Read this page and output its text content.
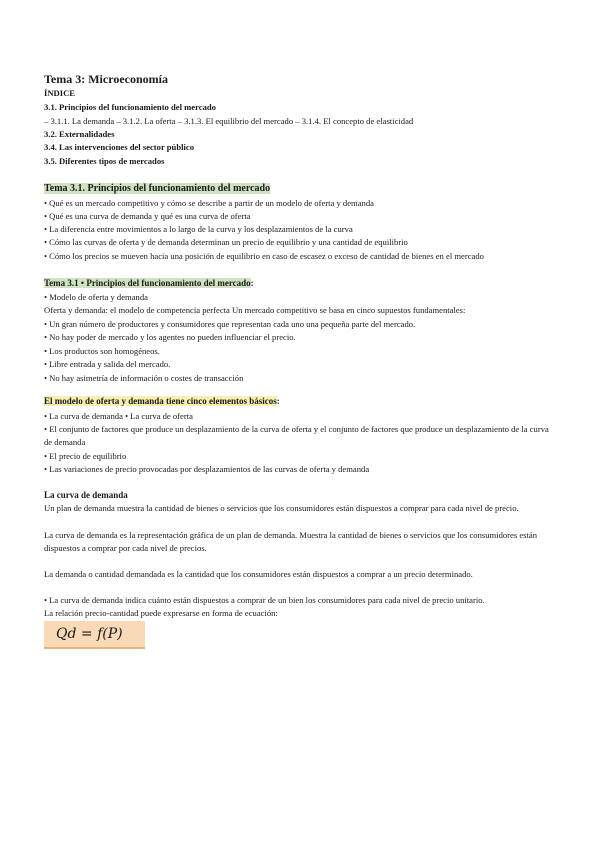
Tema 3: Microeconomía
ÍNDICE
3.1. Principios del funcionamiento del mercado
– 3.1.1. La demanda – 3.1.2. La oferta – 3.1.3. El equilibrio del mercado – 3.1.4. El concepto de elasticidad
3.2. Externalidades
3.4. Las intervenciones del sector público
3.5. Diferentes tipos de mercados
Tema 3.1. Principios del funcionamiento del mercado
• Qué es un mercado competitivo y cómo se describe a partir de un modelo de oferta y demanda
• Qué es una curva de demanda y qué es una curva de oferta
• La diferencia entre movimientos a lo largo de la curva y los desplazamientos de la curva
• Cómo las curvas de oferta y de demanda determinan un precio de equilibrio y una cantidad de equilibrio
• Cómo los precios se mueven hacia una posición de equilibrio en caso de escasez o exceso de cantidad de bienes en el mercado
Tema 3.1 • Principios del funcionamiento del mercado:
• Modelo de oferta y demanda
Oferta y demanda: el modelo de competencia perfecta Un mercado competitivo se basa en cinco supuestos fundamentales:
• Un gran número de productores y consumidores que representan cada uno una pequeña parte del mercado.
• No hay poder de mercado y los agentes no pueden influenciar el precio.
• Los productos son homogéneos.
• Libre entrada y salida del mercado.
• No hay asimetría de información o costes de transacción
El modelo de oferta y demanda tiene cinco elementos básicos:
• La curva de demanda • La curva de oferta
• El conjunto de factores que produce un desplazamiento de la curva de oferta y el conjunto de factores que produce un desplazamiento de la curva de demanda
• El precio de equilibrio
• Las variaciones de precio provocadas por desplazamientos de las curvas de oferta y demanda
La curva de demanda
Un plan de demanda muestra la cantidad de bienes o servicios que los consumidores están dispuestos a comprar para cada nivel de precio.
La curva de demanda es la representación gráfica de un plan de demanda. Muestra la cantidad de bienes o servicios que los consumidores están dispuestos a comprar por cada nivel de precios.
La demanda o cantidad demandada es la cantidad que los consumidores están dispuestos a comprar a un precio determinado.
• La curva de demanda indica cuánto están dispuestos a comprar de un bien los consumidores para cada nivel de precio unitario.
La relación precio-cantidad puede expresarse en forma de ecuación:
Qd = f(P)
